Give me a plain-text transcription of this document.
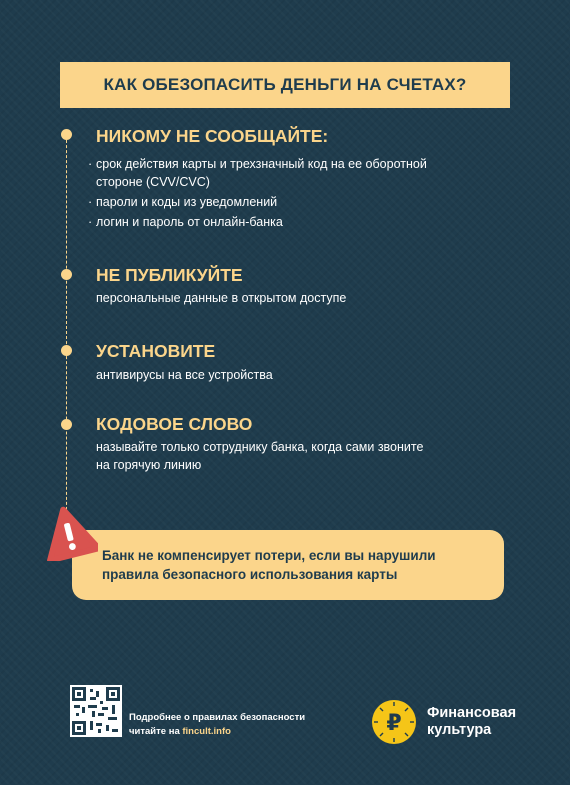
КАК ОБЕЗОПАСИТЬ ДЕНЬГИ НА СЧЕТАХ?
НИКОМУ НЕ СООБЩАЙТЕ:
· срок действия карты и трехзначный код на ее оборотной
стороне (CVV/CVC)
· пароли и коды из уведомлений
· логин и пароль от онлайн-банка
НЕ ПУБЛИКУЙТЕ
персональные данные в открытом доступе
УСТАНОВИТЕ
антивирусы на все устройства
КОДОВОЕ СЛОВО
называйте только сотруднику банка, когда сами звоните
на горячую линию
Банк не компенсирует потери, если вы нарушили
правила безопасного использования карты
Подробнее о правилах безопасности
читайте на fincult.info	₽ Финансовая
культура
